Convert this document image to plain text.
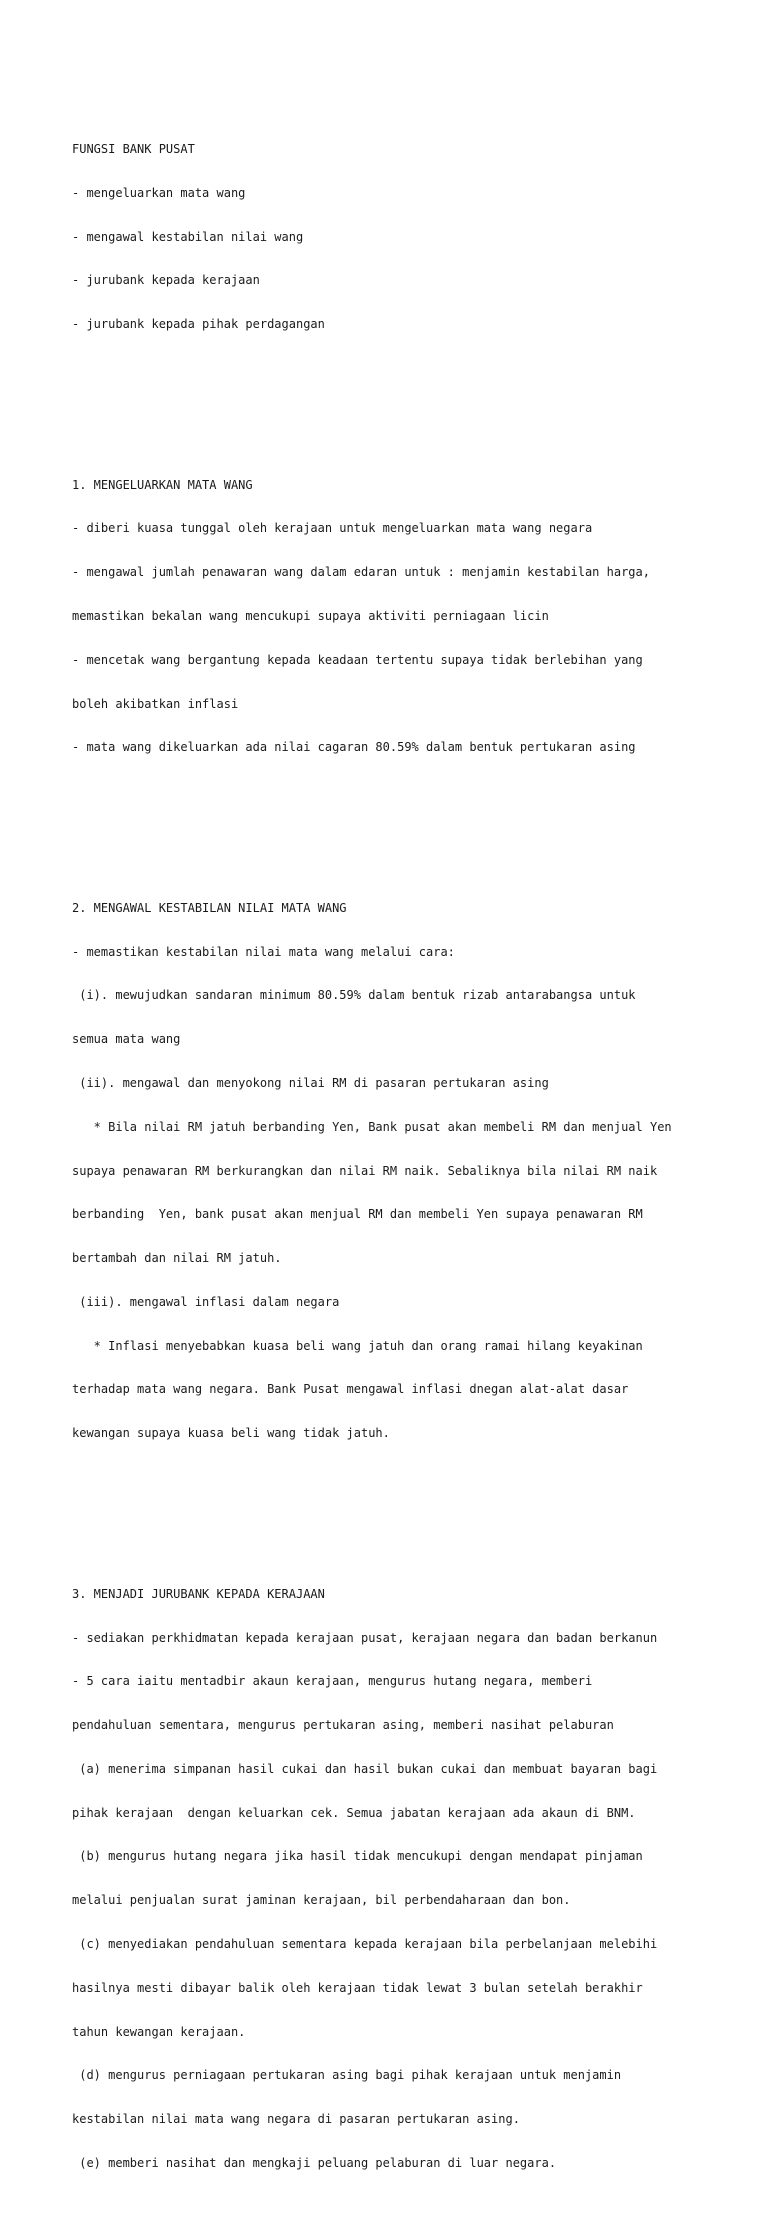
FUNGSI BANK PUSAT

- mengeluarkan mata wang

- mengawal kestabilan nilai wang

- jurubank kepada kerajaan

- jurubank kepada pihak perdagangan

1. MENGELUARKAN MATA WANG

- diberi kuasa tunggal oleh kerajaan untuk mengeluarkan mata wang negara

- mengawal jumlah penawaran wang dalam edaran untuk : menjamin kestabilan harga,

memastikan bekalan wang mencukupi supaya aktiviti perniagaan licin

- mencetak wang bergantung kepada keadaan tertentu supaya tidak berlebihan yang

boleh akibatkan inflasi

- mata wang dikeluarkan ada nilai cagaran 80.59% dalam bentuk pertukaran asing

2. MENGAWAL KESTABILAN NILAI MATA WANG

- memastikan kestabilan nilai mata wang melalui cara:

(i). mewujudkan sandaran minimum 80.59% dalam bentuk rizab antarabangsa untuk

semua mata wang

(ii). mengawal dan menyokong nilai RM di pasaran pertukaran asing

* Bila nilai RM jatuh berbanding Yen, Bank pusat akan membeli RM dan menjual Yen

supaya penawaran RM berkurangkan dan nilai RM naik. Sebaliknya bila nilai RM naik

berbanding  Yen, bank pusat akan menjual RM dan membeli Yen supaya penawaran RM

bertambah dan nilai RM jatuh.

(iii). mengawal inflasi dalam negara

* Inflasi menyebabkan kuasa beli wang jatuh dan orang ramai hilang keyakinan

terhadap mata wang negara. Bank Pusat mengawal inflasi dnegan alat-alat dasar

kewangan supaya kuasa beli wang tidak jatuh.

3. MENJADI JURUBANK KEPADA KERAJAAN

- sediakan perkhidmatan kepada kerajaan pusat, kerajaan negara dan badan berkanun

- 5 cara iaitu mentadbir akaun kerajaan, mengurus hutang negara, memberi

pendahuluan sementara, mengurus pertukaran asing, memberi nasihat pelaburan

(a) menerima simpanan hasil cukai dan hasil bukan cukai dan membuat bayaran bagi

pihak kerajaan  dengan keluarkan cek. Semua jabatan kerajaan ada akaun di BNM.

(b) mengurus hutang negara jika hasil tidak mencukupi dengan mendapat pinjaman

melalui penjualan surat jaminan kerajaan, bil perbendaharaan dan bon.

(c) menyediakan pendahuluan sementara kepada kerajaan bila perbelanjaan melebihi

hasilnya mesti dibayar balik oleh kerajaan tidak lewat 3 bulan setelah berakhir

tahun kewangan kerajaan.

(d) mengurus perniagaan pertukaran asing bagi pihak kerajaan untuk menjamin

kestabilan nilai mata wang negara di pasaran pertukaran asing.

(e) memberi nasihat dan mengkaji peluang pelaburan di luar negara.
